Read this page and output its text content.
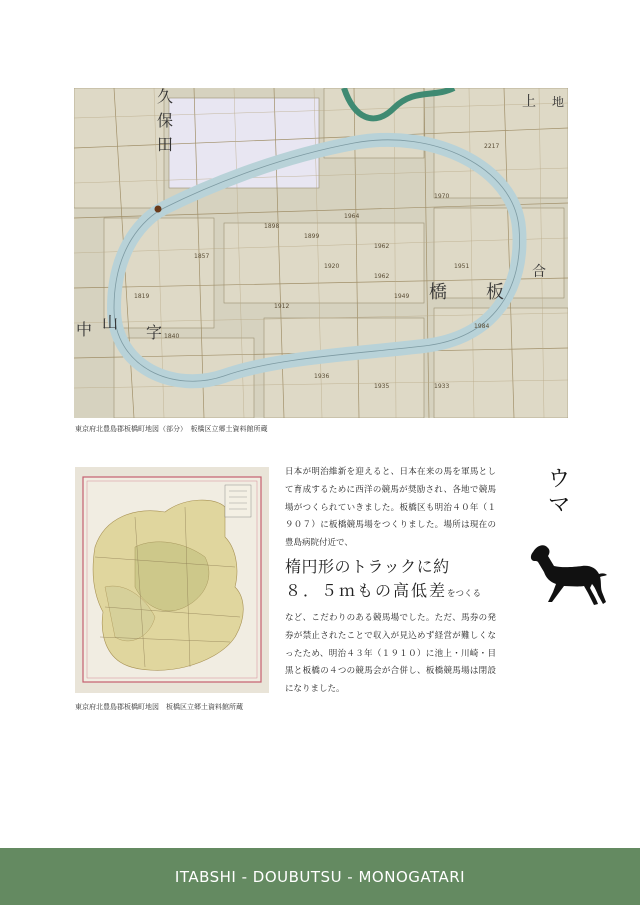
1898
1899
1962
1920
1962
1949
1857
1819
1840
1936
1935	1933
1951
1984
2217
1970
1964
1912
久
保
田
中 山
字
橋 板
上
合
地
東京府北豊島郡板橋町地図（部分）　板橋区立郷土資料館所蔵
東京府北豊島郡板橋町地図　板橋区立郷土資料館所蔵

日本が明治維新を迎えると、日本在来の馬を軍馬として育成するために西洋の競馬が奨励され、各地で競馬場がつくられていきました。板橋区も明治４０年（１９０７）に板橋競馬場をつくりました。場所は現在の豊島病院付近で、

楕円形のトラックに約

８．５ｍもの高低差をつくる

など、こだわりのある競馬場でした。ただ、馬券の発券が禁止されたことで収入が見込めず経営が難しくなったため、明治４３年（１９１０）に池上・川崎・目黒と板橋の４つの競馬会が合併し、板橋競馬場は閉設になりました。

ウ
マ
ITABSHI - DOUBUTSU - MONOGATARI
